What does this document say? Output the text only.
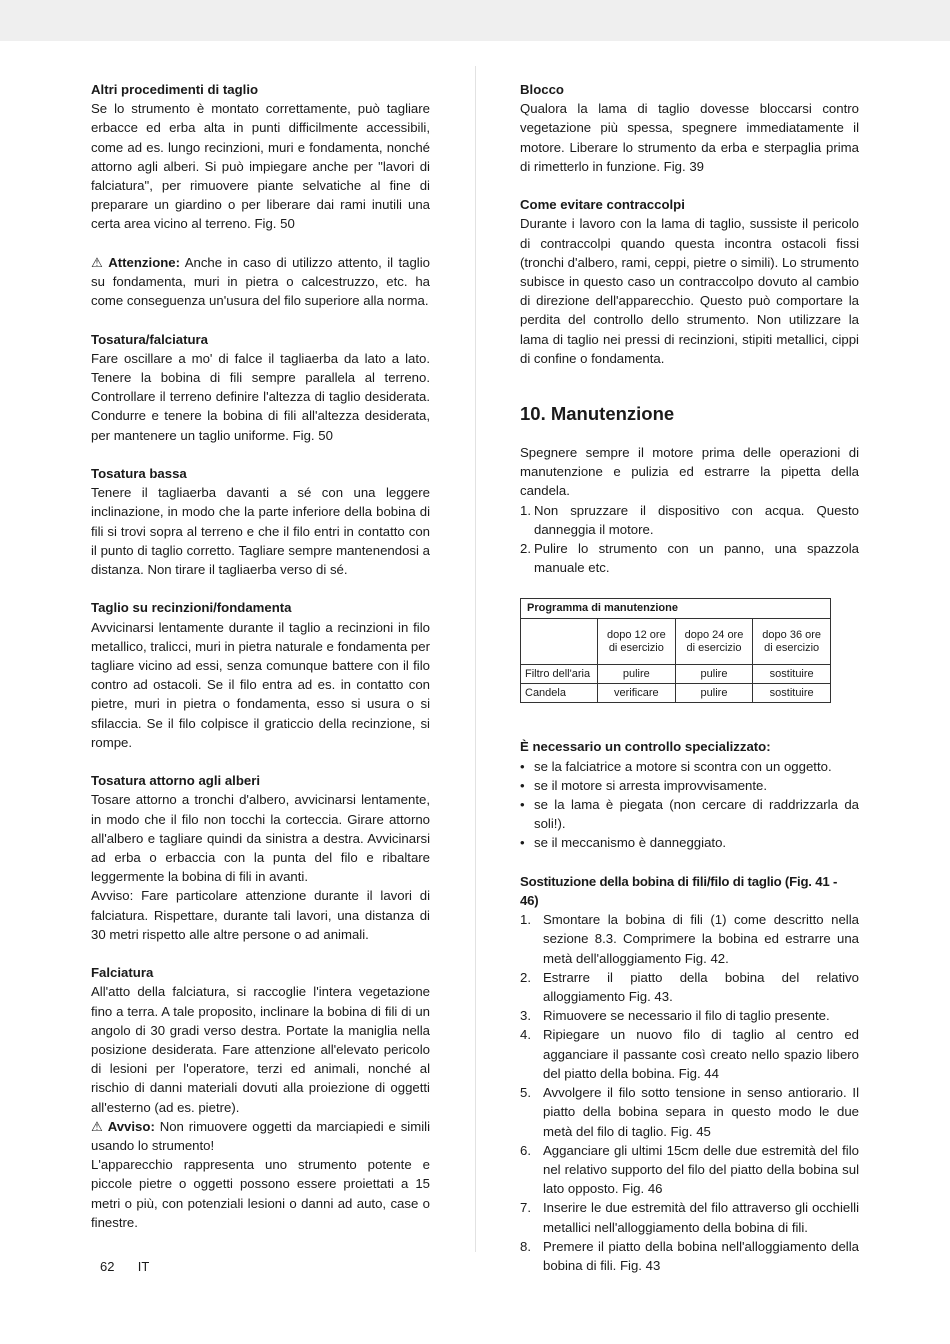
Altri procedimenti di taglio

Se lo strumento è montato correttamente, può tagliare erbacce ed erba alta in punti difficilmente accessibili, come ad es. lungo recinzioni, muri e fondamenta, nonché attorno agli alberi. Si può impiegare anche per "lavori di falciatura", per rimuovere piante selvatiche al fine di preparare un giardino o per liberare dai rami inutili una certa area vicino al terreno. Fig. 50

⚠ Attenzione: Anche in caso di utilizzo attento, il taglio su fondamenta, muri in pietra o calcestruzzo, etc. ha come conseguenza un'usura del filo superiore alla norma.

Tosatura/falciatura

Fare oscillare a mo' di falce il tagliaerba da lato a lato. Tenere la bobina di fili sempre parallela al terreno. Controllare il terreno definire l'altezza di taglio desiderata. Condurre e tenere la bobina di fili all'altezza desiderata, per mantenere un taglio uniforme. Fig. 50

Tosatura bassa

Tenere il tagliaerba davanti a sé con una leggere inclinazione, in modo che la parte inferiore della bobina di fili si trovi sopra al terreno e che il filo entri in contatto con il punto di taglio corretto. Tagliare sempre mantenendosi a distanza. Non tirare il tagliaerba verso di sé.

Taglio su recinzioni/fondamenta

Avvicinarsi lentamente durante il taglio a recinzioni in filo metallico, tralicci, muri in pietra naturale e fondamenta per tagliare vicino ad essi, senza comunque battere con il filo contro ad ostacoli. Se il filo entra ad es. in contatto con pietre, muri in pietra o fondamenta, esso si usura o si sfilaccia. Se il filo colpisce il graticcio della recinzione, si rompe.

Tosatura attorno agli alberi

Tosare attorno a tronchi d'albero, avvicinarsi lentamente, in modo che il filo non tocchi la corteccia. Girare attorno all'albero e tagliare quindi da sinistra a destra. Avvicinarsi ad erba o erbaccia con la punta del filo e ribaltare leggermente la bobina di fili in avanti.

Avviso: Fare particolare attenzione durante il lavori di falciatura. Rispettare, durante tali lavori, una distanza di 30 metri rispetto alle altre persone o ad animali.

Falciatura

All'atto della falciatura, si raccoglie l'intera vegetazione fino a terra. A tale proposito, inclinare la bobina di fili di un angolo di 30 gradi verso destra. Portate la maniglia nella posizione desiderata. Fare attenzione all'elevato pericolo di lesioni per l'operatore, terzi ed animali, nonché al rischio di danni materiali dovuti alla proiezione di oggetti all'esterno (ad es. pietre).

⚠ Avviso: Non rimuovere oggetti da marciapiedi e simili usando lo strumento!

L'apparecchio rappresenta uno strumento potente e piccole pietre o oggetti possono essere proiettati a 15 metri o più, con potenziali lesioni o danni ad auto, case o finestre.

Blocco

Qualora la lama di taglio dovesse bloccarsi contro vegetazione più spessa, spegnere immediatamente il motore. Liberare lo strumento da erba e sterpaglia prima di rimetterlo in funzione. Fig. 39

Come evitare contraccolpi

Durante i lavoro con la lama di taglio, sussiste il pericolo di contraccolpi quando questa incontra ostacoli fissi (tronchi d'albero, rami, ceppi, pietre o simili). Lo strumento subisce in questo caso un contraccolpo dovuto al cambio di direzione dell'apparecchio. Questo può comportare la perdita del controllo dello strumento. Non utilizzare la lama di taglio nei pressi di recinzioni, stipiti metallici, cippi di confine o fondamenta.

10. Manutenzione

Spegnere sempre il motore prima delle operazioni di manutenzione e pulizia ed estrarre la pipetta della candela.

1. Non spruzzare il dispositivo con acqua. Questo danneggia il motore.
2. Pulire lo strumento con un panno, una spazzola manuale etc.
Programma di manutenzione			
	dopo 12 ore
di esercizio	dopo 24 ore
di esercizio	dopo 36 ore
di esercizio
Filtro dell'aria	pulire	pulire	sostituire
Candela	verificare	pulire	sostituire
È necessario un controllo specializzato:
• se la falciatrice a motore si scontra con un oggetto.
• se il motore si arresta improvvisamente.
• se la lama è piegata (non cercare di raddrizzarla da soli!).
• se il meccanismo è danneggiato.
Sostituzione della bobina di fili/filo di taglio (Fig. 41 - 46)
1. Smontare la bobina di fili (1) come descritto nella sezione 8.3. Comprimere la bobina ed estrarre una metà dell'alloggiamento Fig. 42.
2. Estrarre il piatto della bobina del relativo alloggiamento Fig. 43.
3. Rimuovere se necessario il filo di taglio presente.
4. Ripiegare un nuovo filo di taglio al centro ed agganciare il passante così creato nello spazio libero del piatto della bobina. Fig. 44
5. Avvolgere il filo sotto tensione in senso antiorario. Il piatto della bobina separa in questo modo le due metà del filo di taglio. Fig. 45
6. Agganciare gli ultimi 15cm delle due estremità del filo nel relativo supporto del filo del piatto della bobina sul lato opposto. Fig. 46
7. Inserire le due estremità del filo attraverso gli occhielli metallici nell'alloggiamento della bobina di fili.
8. Premere il piatto della bobina nell'alloggiamento della bobina di fili. Fig. 43
62 IT
